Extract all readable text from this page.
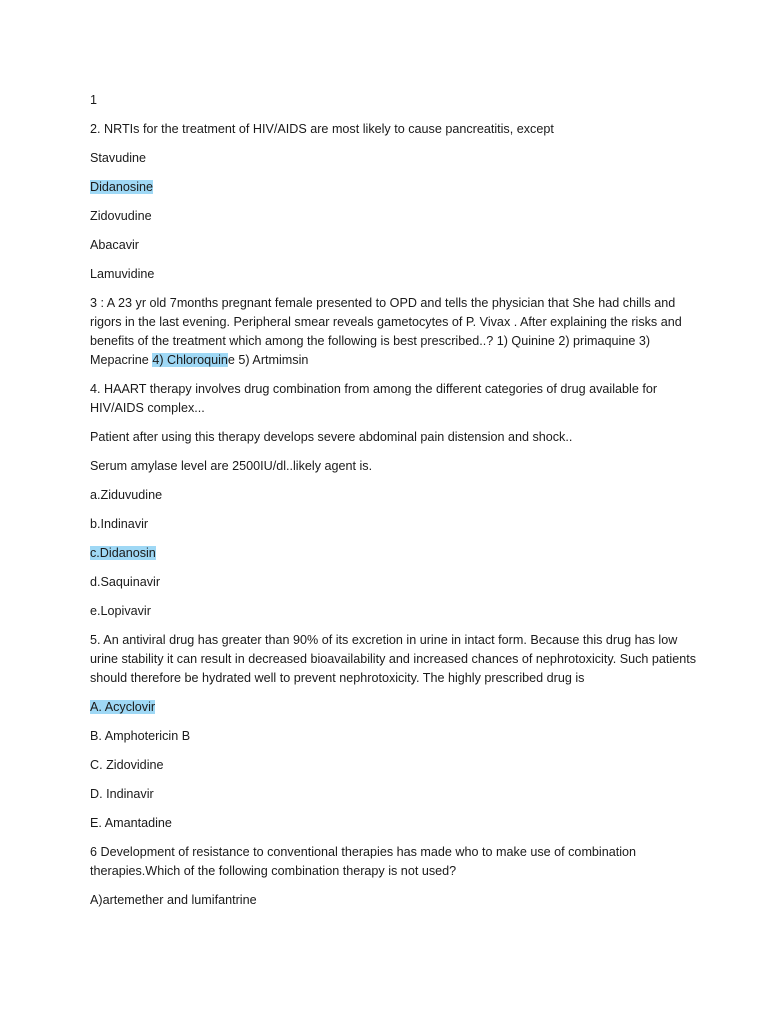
1

2. NRTIs for the treatment of HIV/AIDS are most likely to cause pancreatitis, except

Stavudine

Didanosine

Zidovudine

Abacavir

Lamuvidine

3 : A 23 yr old 7months pregnant female presented to OPD and tells the physician that She had chills and rigors in the last evening. Peripheral smear reveals gametocytes of P. Vivax . After explaining the risks and benefits of the treatment which among the following is best prescribed..? 1) Quinine 2) primaquine 3) Mepacrine 4) Chloroquine 5) Artmimsin

4. HAART therapy involves drug combination from among the different categories of drug available for HIV/AIDS complex...

Patient after using this therapy develops severe abdominal pain distension and shock..

Serum amylase level are 2500IU/dl..likely agent is.

a.Ziduvudine

b.Indinavir

c.Didanosin

d.Saquinavir

e.Lopivavir

5. An antiviral drug has greater than 90% of its excretion in urine in intact form. Because this drug has low urine stability it can result in decreased bioavailability and increased chances of nephrotoxicity. Such patients should therefore be hydrated well to prevent nephrotoxicity. The highly prescribed drug is

A. Acyclovir

B. Amphotericin B

C. Zidovidine

D. Indinavir

E. Amantadine

6 Development of resistance to conventional therapies has made who to make use of combination therapies.Which of the following combination therapy is not used?

A)artemether and lumifantrine
